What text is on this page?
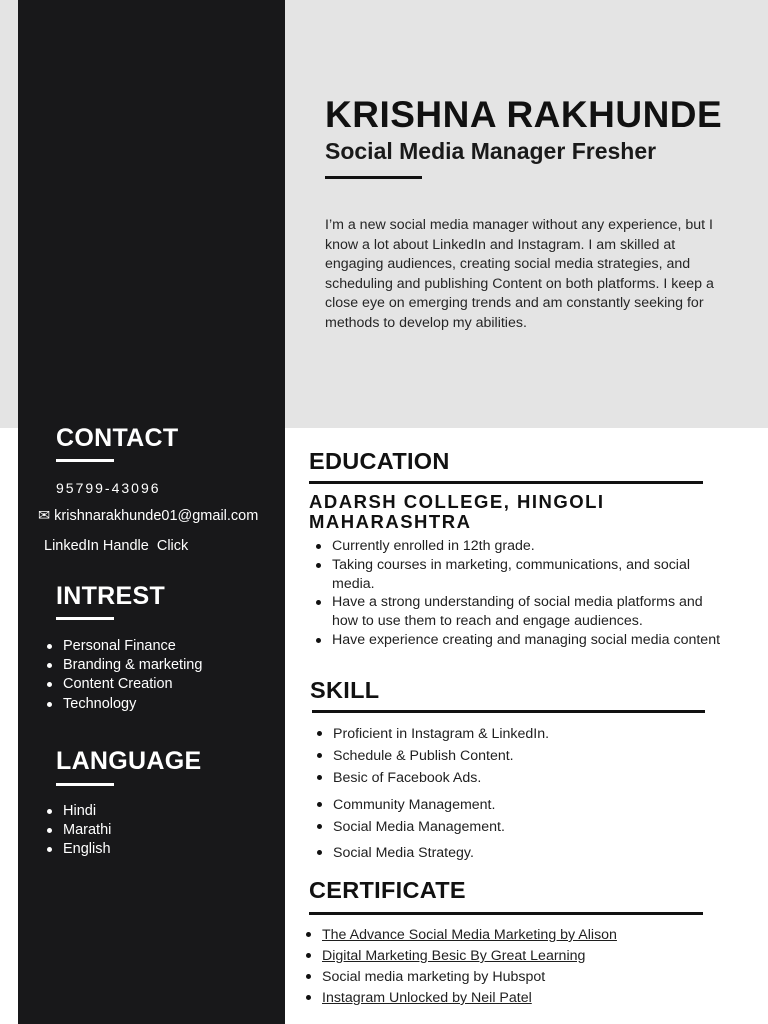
KRISHNA RAKHUNDE
Social Media Manager Fresher

I’m a new social media manager without any experience, but I know a lot about LinkedIn and Instagram. I am skilled at engaging audiences, creating social media strategies, and scheduling and publishing Content on both platforms. I keep a close eye on emerging trends and am constantly seeking for methods to develop my abilities.

CONTACT
95799-43096
✉ krishnarakhunde01@gmail.com
LinkedIn Handle  Click
INTREST
Personal Finance
Branding & marketing
Content Creation
Technology
LANGUAGE
Hindi
Marathi
English
EDUCATION
ADARSH COLLEGE, HINGOLI
MAHARASHTRA
Currently enrolled in 12th grade.
Taking courses in marketing, communications, and social media.
Have a strong understanding of social media platforms and how to use them to reach and engage audiences.
Have experience creating and managing social media content
SKILL
Proficient in Instagram & LinkedIn.
Schedule & Publish Content.
Besic of Facebook Ads.
Community Management.
Social Media Management.
Social Media Strategy.
CERTIFICATE
The Advance Social Media Marketing by Alison
Digital Marketing Besic By Great Learning
Social media marketing by Hubspot
Instagram Unlocked by Neil Patel
